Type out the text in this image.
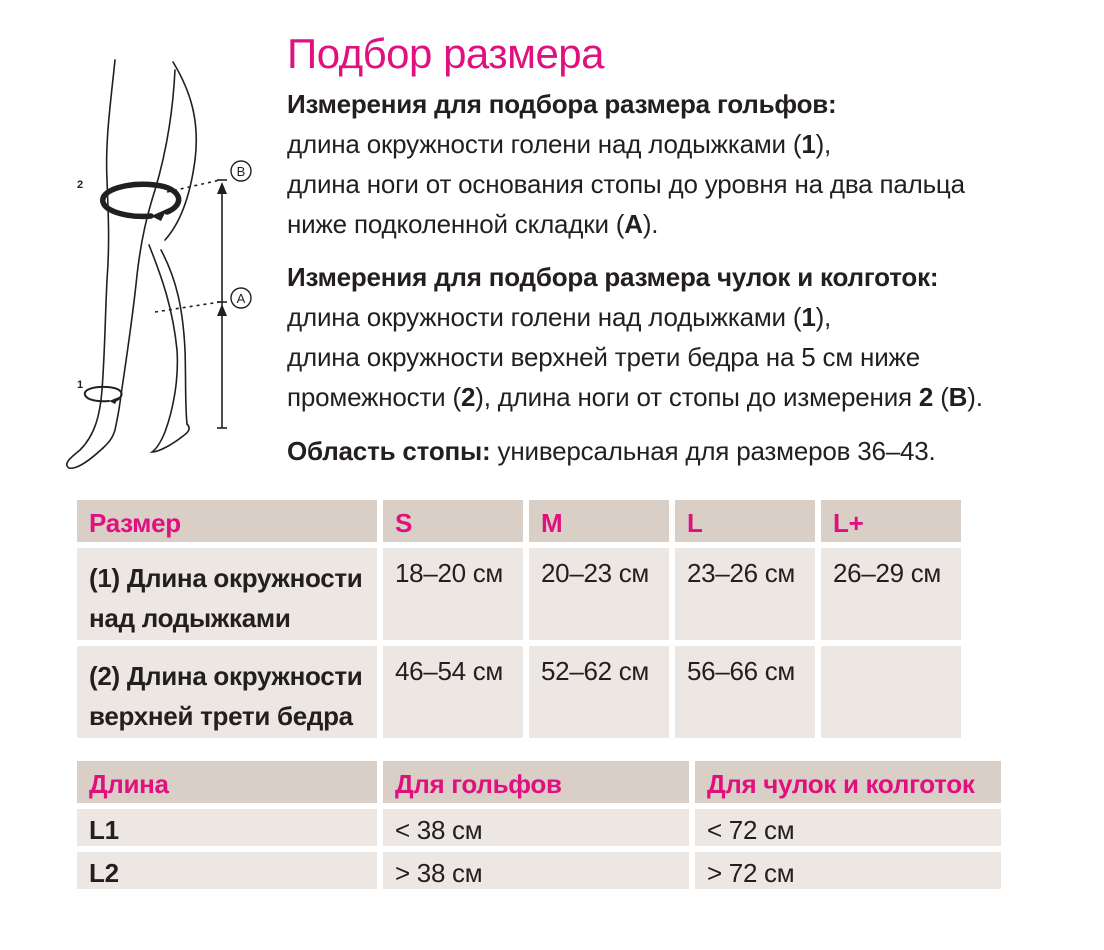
B
A
2
1
Подбор размера
Измерения для подбора размера гольфов:
длина окружности голени над лодыжками (1),
длина ноги от основания стопы до уровня на два пальца
ниже подколенной складки (A).
Измерения для подбора размера чулок и колготок:
длина окружности голени над лодыжками (1),
длина окружности верхней трети бедра на 5 см ниже
промежности (2), длина ноги от стопы до измерения 2 (B).
Область стопы: универсальная для размеров 36–43.
Размер	S	M	L	L+
(1) Длина окружности над лодыжками	18–20 см	20–23 см	23–26 см	26–29 см
(2) Длина окружности верхней трети бедра	46–54 см	52–62 см	56–66 см	
Длина	Для гольфов	Для чулок и колготок
L1	< 38 см	< 72 см
L2	> 38 см	> 72 см
